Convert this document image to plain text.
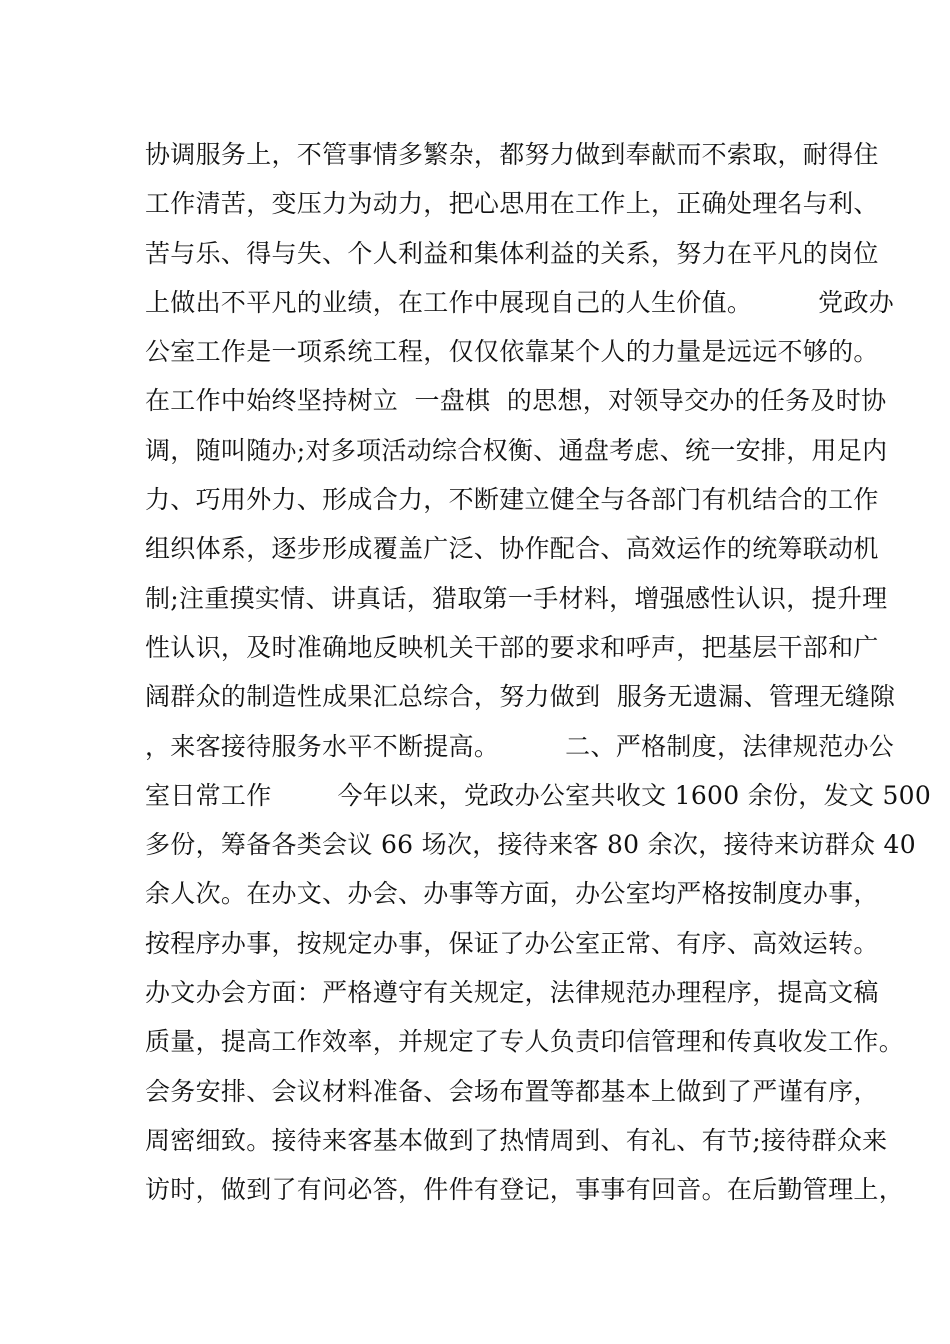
协调服务上，不管事情多繁杂，都努力做到奉献而不索取，耐得住
工作清苦，变压力为动力，把心思用在工作上，正确处理名与利、
苦与乐、得与失、个人利益和集体利益的关系，努力在平凡的岗位
上做出不平凡的业绩，在工作中展现自己的人生价值。        党政办
公室工作是一项系统工程，仅仅依靠某个人的力量是远远不够的。
在工作中始终坚持树立  一盘棋  的思想，对领导交办的任务及时协
调，随叫随办;对多项活动综合权衡、通盘考虑、统一安排，用足内
力、巧用外力、形成合力，不断建立健全与各部门有机结合的工作
组织体系，逐步形成覆盖广泛、协作配合、高效运作的统筹联动机
制;注重摸实情、讲真话，猎取第一手材料，增强感性认识，提升理
性认识，及时准确地反映机关干部的要求和呼声，把基层干部和广
阔群众的制造性成果汇总综合，努力做到  服务无遗漏、管理无缝隙
，来客接待服务水平不断提高。        二、严格制度，法律规范办公
室日常工作        今年以来，党政办公室共收文 1600 余份，发文 500
多份，筹备各类会议 66 场次，接待来客 80 余次，接待来访群众 40
余人次。在办文、办会、办事等方面，办公室均严格按制度办事，
按程序办事，按规定办事，保证了办公室正常、有序、高效运转。
办文办会方面：严格遵守有关规定，法律规范办理程序，提高文稿
质量，提高工作效率，并规定了专人负责印信管理和传真收发工作。
会务安排、会议材料准备、会场布置等都基本上做到了严谨有序，
周密细致。接待来客基本做到了热情周到、有礼、有节;接待群众来
访时，做到了有问必答，件件有登记，事事有回音。在后勤管理上，
